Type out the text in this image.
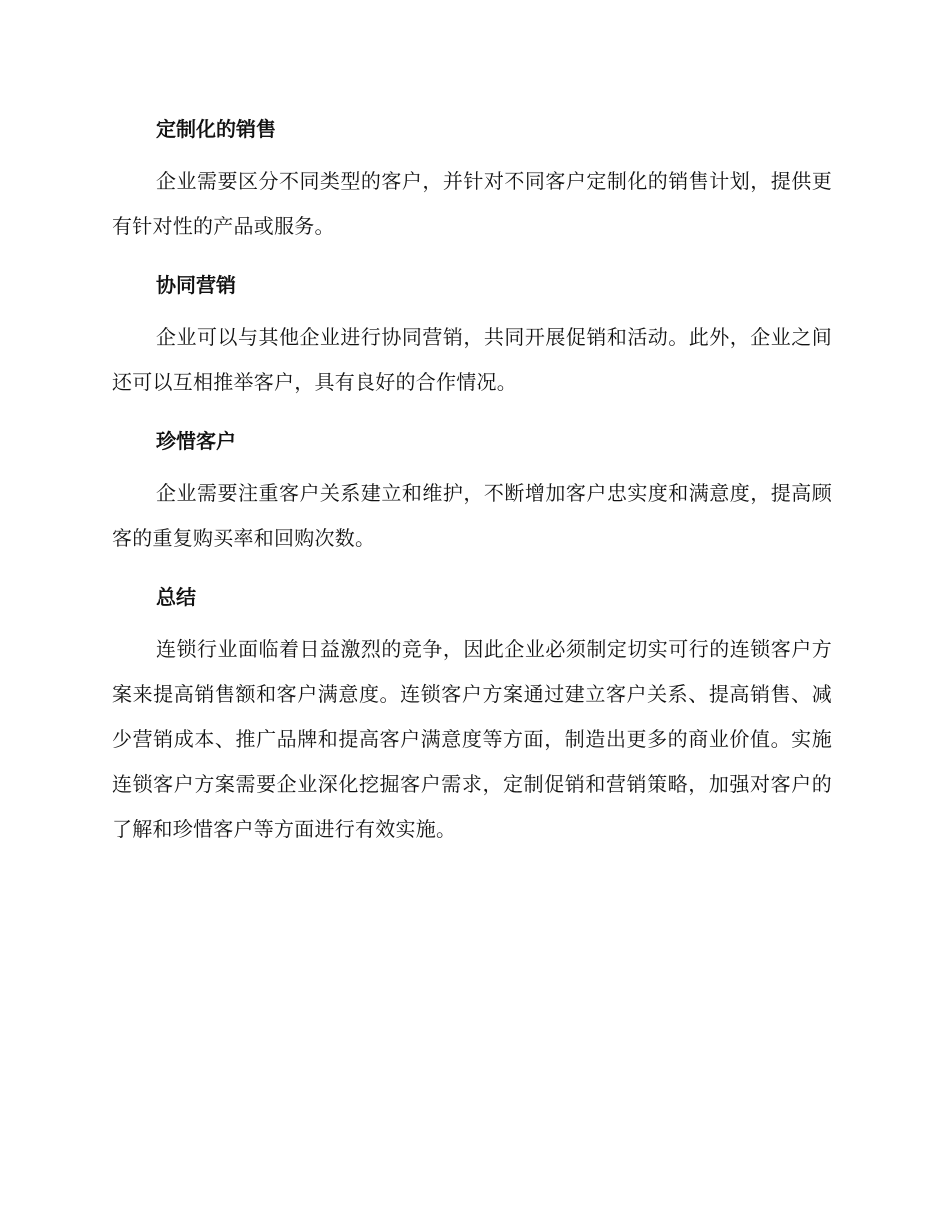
定制化的销售

企业需要区分不同类型的客户，并针对不同客户定制化的销售计划，提供更有针对性的产品或服务。

协同营销

企业可以与其他企业进行协同营销，共同开展促销和活动。此外，企业之间还可以互相推举客户，具有良好的合作情况。

珍惜客户

企业需要注重客户关系建立和维护，不断增加客户忠实度和满意度，提高顾客的重复购买率和回购次数。

总结

连锁行业面临着日益激烈的竞争，因此企业必须制定切实可行的连锁客户方案来提高销售额和客户满意度。连锁客户方案通过建立客户关系、提高销售、减少营销成本、推广品牌和提高客户满意度等方面，制造出更多的商业价值。实施连锁客户方案需要企业深化挖掘客户需求，定制促销和营销策略，加强对客户的了解和珍惜客户等方面进行有效实施。
